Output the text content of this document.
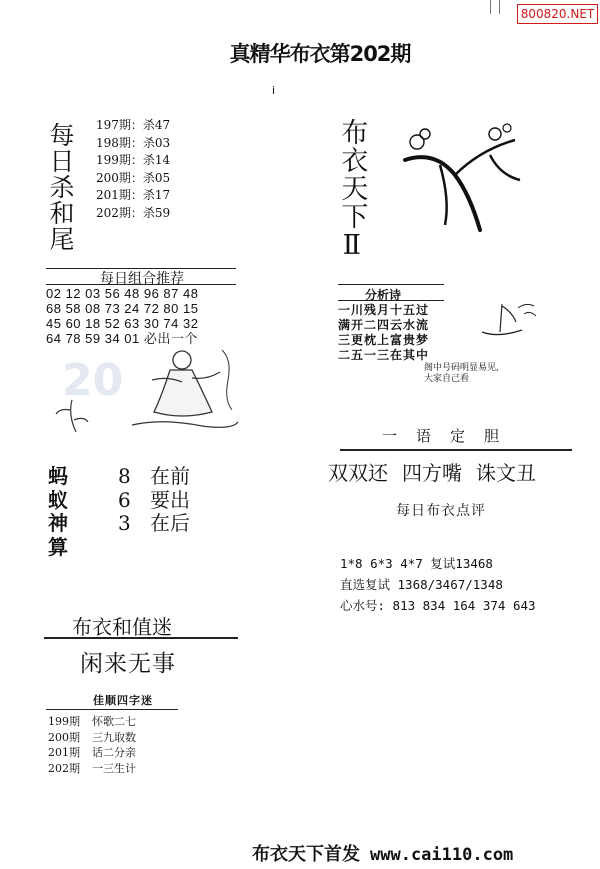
800820.NET
真精华布衣第202期
i
每日杀和尾 197期：杀47
198期：杀03
199期：杀14
200期：杀05
201期：杀17
202期：杀59
每日组合推荐
02 12 03 56 48 96 87 48
68 58 08 73 24 72 80 15
45 60 18 52 63 30 74 32
64 78 59 34 01 必出一个
20
蚂蚁神算
8 在前
6 要出
3 在后
布衣和值迷
闲来无事
佳顺四字迷
199期 怀歌二七
200期 三九取数
201期 话二分亲
202期 一三生计
布衣天下Ⅱ
分析诗
一川残月十五过
满开二四云水流
三更枕上富贵梦
二五一三在其中
阁中号码明显易见,
大家自己看
一语定胆
双双还 四方嘴 诛文丑
每日布衣点评
1*8 6*3 4*7 复试13468
直选复试 1368/3467/1348
心水号: 813 834 164 374 643
布衣天下首发 www.cai110.com
